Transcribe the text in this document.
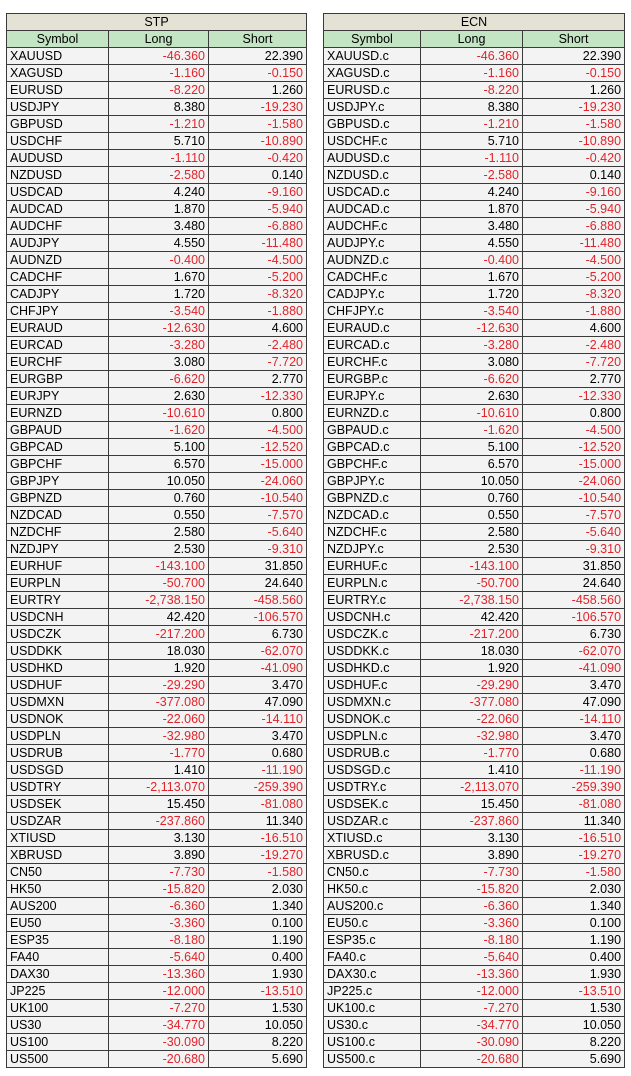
STP		
Symbol	Long	Short
XAUUSD	-46.360	22.390
XAGUSD	-1.160	-0.150
EURUSD	-8.220	1.260
USDJPY	8.380	-19.230
GBPUSD	-1.210	-1.580
USDCHF	5.710	-10.890
AUDUSD	-1.110	-0.420
NZDUSD	-2.580	0.140
USDCAD	4.240	-9.160
AUDCAD	1.870	-5.940
AUDCHF	3.480	-6.880
AUDJPY	4.550	-11.480
AUDNZD	-0.400	-4.500
CADCHF	1.670	-5.200
CADJPY	1.720	-8.320
CHFJPY	-3.540	-1.880
EURAUD	-12.630	4.600
EURCAD	-3.280	-2.480
EURCHF	3.080	-7.720
EURGBP	-6.620	2.770
EURJPY	2.630	-12.330
EURNZD	-10.610	0.800
GBPAUD	-1.620	-4.500
GBPCAD	5.100	-12.520
GBPCHF	6.570	-15.000
GBPJPY	10.050	-24.060
GBPNZD	0.760	-10.540
NZDCAD	0.550	-7.570
NZDCHF	2.580	-5.640
NZDJPY	2.530	-9.310
EURHUF	-143.100	31.850
EURPLN	-50.700	24.640
EURTRY	-2,738.150	-458.560
USDCNH	42.420	-106.570
USDCZK	-217.200	6.730
USDDKK	18.030	-62.070
USDHKD	1.920	-41.090
USDHUF	-29.290	3.470
USDMXN	-377.080	47.090
USDNOK	-22.060	-14.110
USDPLN	-32.980	3.470
USDRUB	-1.770	0.680
USDSGD	1.410	-11.190
USDTRY	-2,113.070	-259.390
USDSEK	15.450	-81.080
USDZAR	-237.860	11.340
XTIUSD	3.130	-16.510
XBRUSD	3.890	-19.270
CN50	-7.730	-1.580
HK50	-15.820	2.030
AUS200	-6.360	1.340
EU50	-3.360	0.100
ESP35	-8.180	1.190
FA40	-5.640	0.400
DAX30	-13.360	1.930
JP225	-12.000	-13.510
UK100	-7.270	1.530
US30	-34.770	10.050
US100	-30.090	8.220
US500	-20.680	5.690
ECN		
Symbol	Long	Short
XAUUSD.c	-46.360	22.390
XAGUSD.c	-1.160	-0.150
EURUSD.c	-8.220	1.260
USDJPY.c	8.380	-19.230
GBPUSD.c	-1.210	-1.580
USDCHF.c	5.710	-10.890
AUDUSD.c	-1.110	-0.420
NZDUSD.c	-2.580	0.140
USDCAD.c	4.240	-9.160
AUDCAD.c	1.870	-5.940
AUDCHF.c	3.480	-6.880
AUDJPY.c	4.550	-11.480
AUDNZD.c	-0.400	-4.500
CADCHF.c	1.670	-5.200
CADJPY.c	1.720	-8.320
CHFJPY.c	-3.540	-1.880
EURAUD.c	-12.630	4.600
EURCAD.c	-3.280	-2.480
EURCHF.c	3.080	-7.720
EURGBP.c	-6.620	2.770
EURJPY.c	2.630	-12.330
EURNZD.c	-10.610	0.800
GBPAUD.c	-1.620	-4.500
GBPCAD.c	5.100	-12.520
GBPCHF.c	6.570	-15.000
GBPJPY.c	10.050	-24.060
GBPNZD.c	0.760	-10.540
NZDCAD.c	0.550	-7.570
NZDCHF.c	2.580	-5.640
NZDJPY.c	2.530	-9.310
EURHUF.c	-143.100	31.850
EURPLN.c	-50.700	24.640
EURTRY.c	-2,738.150	-458.560
USDCNH.c	42.420	-106.570
USDCZK.c	-217.200	6.730
USDDKK.c	18.030	-62.070
USDHKD.c	1.920	-41.090
USDHUF.c	-29.290	3.470
USDMXN.c	-377.080	47.090
USDNOK.c	-22.060	-14.110
USDPLN.c	-32.980	3.470
USDRUB.c	-1.770	0.680
USDSGD.c	1.410	-11.190
USDTRY.c	-2,113.070	-259.390
USDSEK.c	15.450	-81.080
USDZAR.c	-237.860	11.340
XTIUSD.c	3.130	-16.510
XBRUSD.c	3.890	-19.270
CN50.c	-7.730	-1.580
HK50.c	-15.820	2.030
AUS200.c	-6.360	1.340
EU50.c	-3.360	0.100
ESP35.c	-8.180	1.190
FA40.c	-5.640	0.400
DAX30.c	-13.360	1.930
JP225.c	-12.000	-13.510
UK100.c	-7.270	1.530
US30.c	-34.770	10.050
US100.c	-30.090	8.220
US500.c	-20.680	5.690
